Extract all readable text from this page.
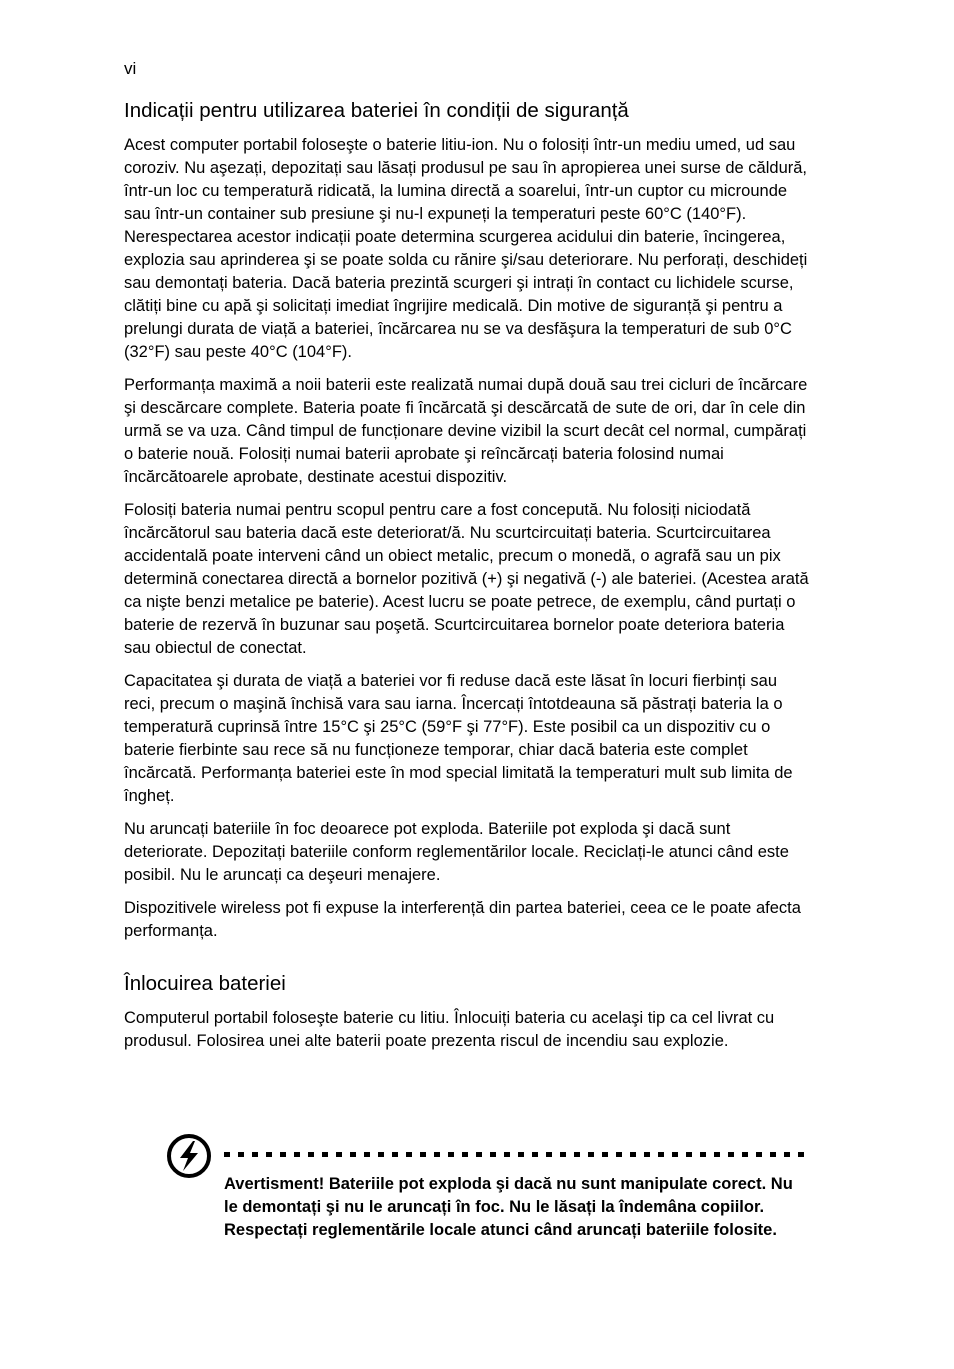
vi
Indicații pentru utilizarea bateriei în condiții de siguranță

Acest computer portabil foloseşte o baterie litiu-ion. Nu o folosiți într-un mediu umed, ud sau coroziv. Nu aşezați, depozitați sau lăsați produsul pe sau în apropierea unei surse de căldură, într-un loc cu temperatură ridicată, la lumina directă a soarelui, într-un cuptor cu microunde sau într-un container sub presiune şi nu-l expuneți la temperaturi peste 60°C (140°F). Nerespectarea acestor indicații poate determina scurgerea acidului din baterie, încingerea, explozia sau aprinderea şi se poate solda cu rănire şi/sau deteriorare. Nu perforați, deschideți sau demontați bateria. Dacă bateria prezintă scurgeri şi intrați în contact cu lichidele scurse, clătiți bine cu apă şi solicitați imediat îngrijire medicală. Din motive de siguranță şi pentru a prelungi durata de viață a bateriei, încărcarea nu se va desfăşura la temperaturi de sub 0°C (32°F) sau peste 40°C (104°F).

Performanța maximă a noii baterii este realizată numai după două sau trei cicluri de încărcare şi descărcare complete. Bateria poate fi încărcată şi descărcată de sute de ori, dar în cele din urmă se va uza. Când timpul de funcționare devine vizibil la scurt decât cel normal, cumpărați o baterie nouă. Folosiți numai baterii aprobate şi reîncărcați bateria folosind numai încărcătoarele aprobate, destinate acestui dispozitiv.

Folosiți bateria numai pentru scopul pentru care a fost concepută. Nu folosiți niciodată încărcătorul sau bateria dacă este deteriorat/ă. Nu scurtcircuitați bateria. Scurtcircuitarea accidentală poate interveni când un obiect metalic, precum o monedă, o agrafă sau un pix determină conectarea directă a bornelor pozitivă (+) şi negativă (-) ale bateriei. (Acestea arată ca nişte benzi metalice pe baterie). Acest lucru se poate petrece, de exemplu, când purtați o baterie de rezervă în buzunar sau poşetă. Scurtcircuitarea bornelor poate deteriora bateria sau obiectul de conectat.

Capacitatea şi durata de viață a bateriei vor fi reduse dacă este lăsat în locuri fierbinți sau reci, precum o maşină închisă vara sau iarna. Încercați întotdeauna să păstrați bateria la o temperatură cuprinsă între 15°C şi 25°C (59°F şi 77°F). Este posibil ca un dispozitiv cu o baterie fierbinte sau rece să nu funcționeze temporar, chiar dacă bateria este complet încărcată. Performanța bateriei este în mod special limitată la temperaturi mult sub limita de îngheț.

Nu aruncați bateriile în foc deoarece pot exploda. Bateriile pot exploda şi dacă sunt deteriorate. Depozitați bateriile conform reglementărilor locale. Reciclați-le atunci când este posibil. Nu le aruncați ca deşeuri menajere.

Dispozitivele wireless pot fi expuse la interferență din partea bateriei, ceea ce le poate afecta performanța.

Înlocuirea bateriei

Computerul portabil foloseşte baterie cu litiu. Înlocuiți bateria cu acelaşi tip ca cel livrat cu produsul. Folosirea unei alte baterii poate prezenta riscul de incendiu sau explozie.

Avertisment! Bateriile pot exploda şi dacă nu sunt manipulate corect. Nu le demontați şi nu le aruncați în foc. Nu le lăsați la îndemâna copiilor. Respectați reglementările locale atunci când aruncați bateriile folosite.
